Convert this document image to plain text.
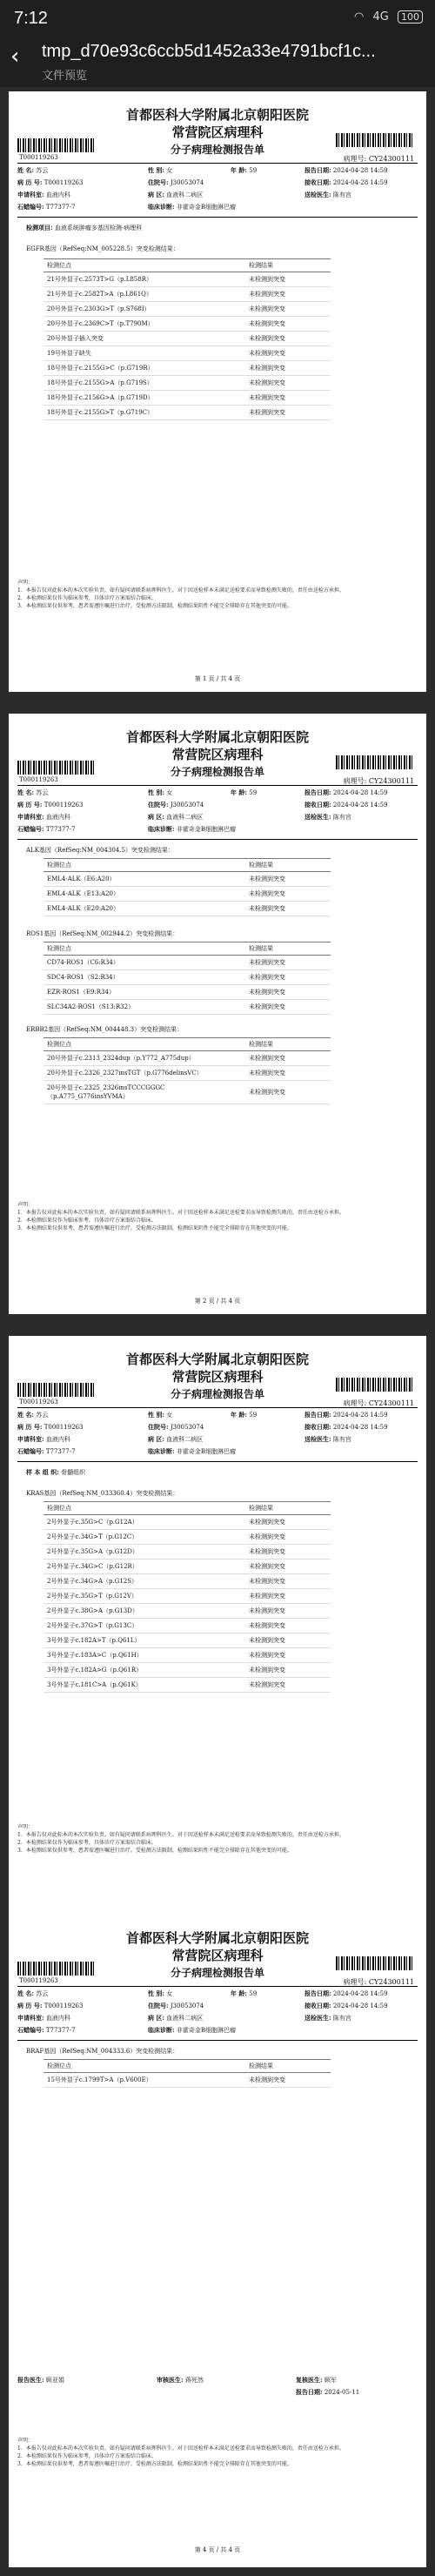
7:12	◠ 4G 100
‹ tmp_d70e93c6ccb5d1452a33e4791bcf1c...
文件预览
首都医科大学附属北京朝阳医院
常营院区病理科
分子病理检测报告单
T000119263	病理号: CY24300111
姓 名: 苏云	性 别: 女	年 龄: 59	报告日期: 2024-04-28 14:59
病 历 号: T000119263	住院号: J30053074	接收日期: 2024-04-28 14:59
申请科室: 血液内科	病 区: 血液科二病区	送检医生: 陈有宫
石蜡编号: T77377-7	临床诊断: 非霍奇金B细胞淋巴瘤
检测项目: 血液系统肿瘤多基因检测-病理科
EGFR基因（RefSeq:NM_005228.5）突变检测结果：
检测位点	检测结果
21号外显子c.2573T>G（p.L858R）	未检测到突变
21号外显子c.2582T>A（p.L861Q）	未检测到突变
20号外显子c.2303G>T（p.S768I）	未检测到突变
20号外显子c.2369C>T（p.T790M）	未检测到突变
20号外显子插入突变	未检测到突变
19号外显子缺失	未检测到突变
18号外显子c.2155G>C（p.G719R）	未检测到突变
18号外显子c.2155G>A（p.G719S）	未检测到突变
18号外显子c.2156G>A（p.G719D）	未检测到突变
18号外显子c.2155G>T（p.G719C）	未检测到突变
声明：
1．本报告仅对此标本的本次实验负责。如有疑问请联系病理科医生。对于因送检样本未满足送检要求而导致检测失败的，责任由送检方承担。
2．本检测结果仅作为临床参考，具体诊疗方案需结合临床。
3．本检测结果仅供参考，患者需遵医嘱进行治疗。受检测方法限制，检测结果阴性不能完全排除存在其他突变的可能。
第 1 页 / 共 4 页
首都医科大学附属北京朝阳医院
常营院区病理科
分子病理检测报告单
T000119263	病理号: CY24300111
姓 名: 苏云	性 别: 女	年 龄: 59	报告日期: 2024-04-28 14:59
病 历 号: T000119263	住院号: J30053074	接收日期: 2024-04-28 14:59
申请科室: 血液内科	病 区: 血液科二病区	送检医生: 陈有宫
石蜡编号: T77377-7	临床诊断: 非霍奇金B细胞淋巴瘤
ALK基因（RefSeq:NM_004304.5）突变检测结果：
检测位点	检测结果
EML4-ALK（E6:A20）	未检测到突变
EML4-ALK（E13:A20）	未检测到突变
EML4-ALK（E20:A20）	未检测到突变
ROS1基因（RefSeq:NM_002944.2）突变检测结果：
检测位点	检测结果
CD74-ROS1（C6:R34）	未检测到突变
SDC4-ROS1（S2:R34）	未检测到突变
EZR-ROS1（E9:R34）	未检测到突变
SLC34A2-ROS1（S13:R32）	未检测到突变
ERBB2基因（RefSeq:NM_004448.3）突变检测结果：
检测位点	检测结果
20号外显子c.2313_2324dup（p.Y772_A775dup）	未检测到突变
20号外显子c.2326_2327insTGT（p.G776delinsVC）	未检测到突变
20号外显子c.2325_2326insTCCCGGGC（p.A775_G776insYVMA）	未检测到突变
声明：
1．本报告仅对此标本的本次实验负责。如有疑问请联系病理科医生。对于因送检样本未满足送检要求而导致检测失败的，责任由送检方承担。
2．本检测结果仅作为临床参考，具体诊疗方案需结合临床。
3．本检测结果仅供参考，患者需遵医嘱进行治疗。受检测方法限制，检测结果阴性不能完全排除存在其他突变的可能。
第 2 页 / 共 4 页
首都医科大学附属北京朝阳医院
常营院区病理科
分子病理检测报告单
T000119263	病理号: CY24300111
姓 名: 苏云	性 别: 女	年 龄: 59	报告日期: 2024-04-28 14:59
病 历 号: T000119263	住院号: J30053074	接收日期: 2024-04-28 14:59
申请科室: 血液内科	病 区: 血液科二病区	送检医生: 陈有宫
石蜡编号: T77377-7	临床诊断: 非霍奇金B细胞淋巴瘤
样 本 组 织: 骨髓组织
KRAS基因（RefSeq:NM_033360.4）突变检测结果：
检测位点	检测结果
2号外显子c.35G>C（p.G12A）	未检测到突变
2号外显子c.34G>T（p.G12C）	未检测到突变
2号外显子c.35G>A（p.G12D）	未检测到突变
2号外显子c.34G>C（p.G12R）	未检测到突变
2号外显子c.34G>A（p.G12S）	未检测到突变
2号外显子c.35G>T（p.G12V）	未检测到突变
2号外显子c.38G>A（p.G13D）	未检测到突变
2号外显子c.37G>T（p.G13C）	未检测到突变
3号外显子c.182A>T（p.Q61L）	未检测到突变
3号外显子c.183A>C（p.Q61H）	未检测到突变
3号外显子c.182A>G（p.Q61R）	未检测到突变
3号外显子c.181C>A（p.Q61K）	未检测到突变
声明：
1．本报告仅对此标本的本次实验负责。如有疑问请联系病理科医生。对于因送检样本未满足送检要求而导致检测失败的，责任由送检方承担。
2．本检测结果仅作为临床参考，具体诊疗方案需结合临床。
3．本检测结果仅供参考，患者需遵医嘱进行治疗。受检测方法限制，检测结果阴性不能完全排除存在其他突变的可能。
首都医科大学附属北京朝阳医院
常营院区病理科
分子病理检测报告单
T000119263	病理号: CY24300111
姓 名: 苏云	性 别: 女	年 龄: 59	报告日期: 2024-04-28 14:59
病 历 号: T000119263	住院号: J30053074	接收日期: 2024-04-28 14:59
申请科室: 血液内科	病 区: 血液科二病区	送检医生: 陈有宫
石蜡编号: T77377-7	临床诊断: 非霍奇金B细胞淋巴瘤
BRAF基因（RefSeq:NM_004333.6）突变检测结果：
检测位点	检测结果
15号外显子c.1799T>A（p.V600E）	未检测到突变
报告医生: 顾亚娟	审核医生: 蒋死然	复核医生: 顾军
报告日期: 2024-05-11
声明：
1．本报告仅对此标本的本次实验负责。如有疑问请联系病理科医生。对于因送检样本未满足送检要求而导致检测失败的，责任由送检方承担。
2．本检测结果仅作为临床参考，具体诊疗方案需结合临床。
3．本检测结果仅供参考，患者需遵医嘱进行治疗。受检测方法限制，检测结果阴性不能完全排除存在其他突变的可能。
第 4 页 / 共 4 页
